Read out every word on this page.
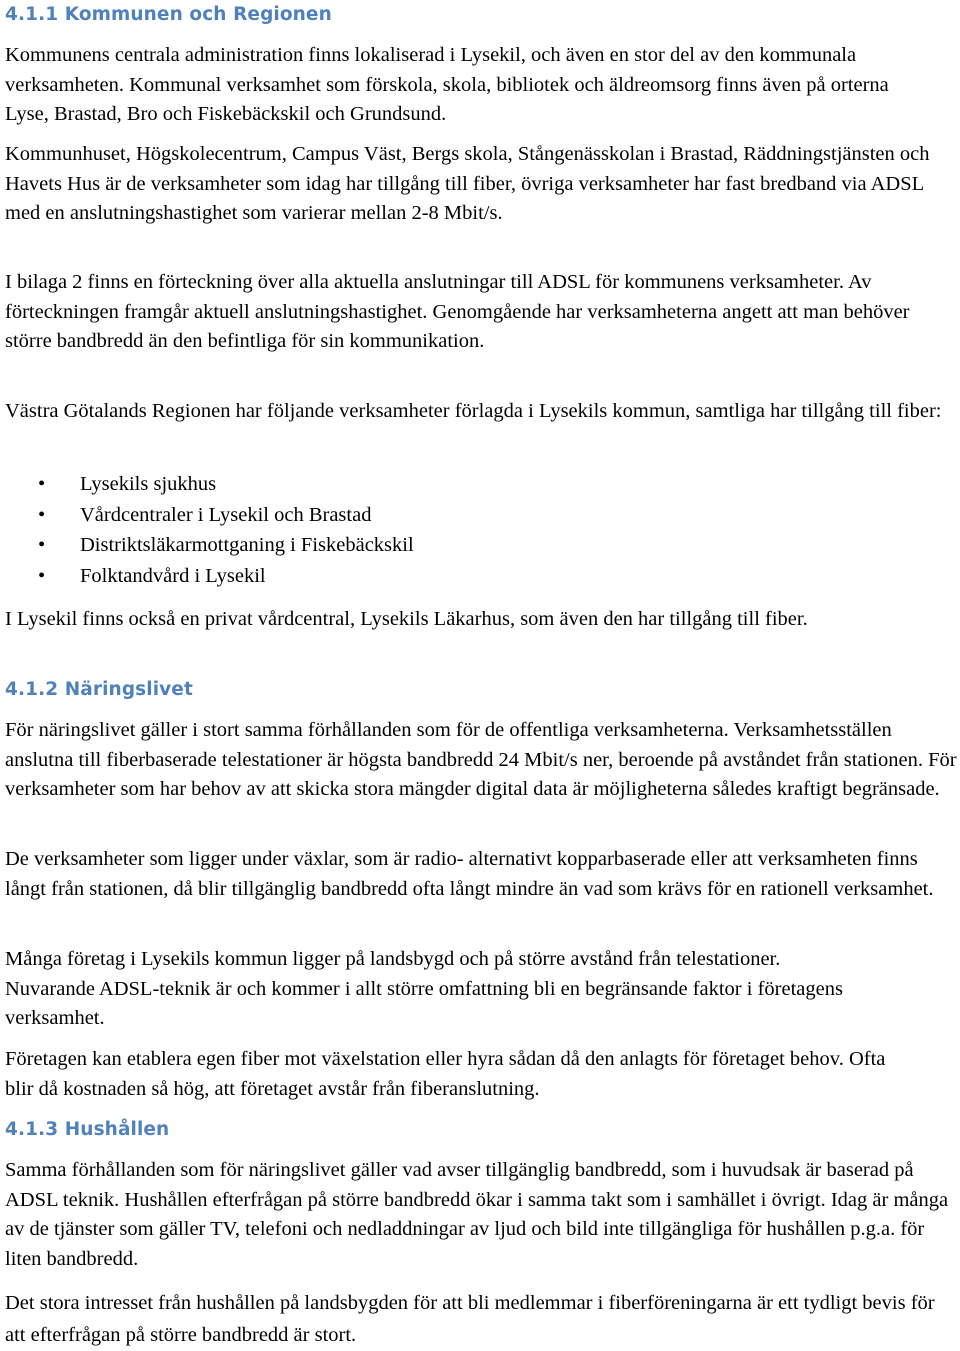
4.1.1 Kommunen och Regionen

Kommunens centrala administration finns lokaliserad i Lysekil, och även en stor del av den kommunala verksamheten. Kommunal verksamhet som förskola, skola, bibliotek och äldreomsorg finns även på orterna Lyse, Brastad, Bro och Fiskebäckskil och Grundsund.

Kommunhuset, Högskolecentrum, Campus Väst, Bergs skola, Stångenässkolan i Brastad, Räddningstjänsten och Havets Hus är de verksamheter som idag har tillgång till fiber, övriga verksamheter har fast bredband via ADSL med en anslutningshastighet som varierar mellan 2-8 Mbit/s.

I bilaga 2 finns en förteckning över alla aktuella anslutningar till ADSL för kommunens verksamheter. Av förteckningen framgår aktuell anslutningshastighet. Genomgående har verksamheterna angett att man behöver större bandbredd än den befintliga för sin kommunikation.

Västra Götalands Regionen har följande verksamheter förlagda i Lysekils kommun, samtliga har tillgång till fiber:

• Lysekils sjukhus
• Vårdcentraler i Lysekil och Brastad
• Distriktsläkarmottganing i Fiskebäckskil
• Folktandvård i Lysekil

I Lysekil finns också en privat vårdcentral, Lysekils Läkarhus, som även den har tillgång till fiber.

4.1.2 Näringslivet

För näringslivet gäller i stort samma förhållanden som för de offentliga verksamheterna. Verksamhetsställen anslutna till fiberbaserade telestationer är högsta bandbredd 24 Mbit/s ner, beroende på avståndet från stationen. För verksamheter som har behov av att skicka stora mängder digital data är möjligheterna således kraftigt begränsade.

De verksamheter som ligger under växlar, som är radio- alternativt kopparbaserade eller att verksamheten finns långt från stationen, då blir tillgänglig bandbredd ofta långt mindre än vad som krävs för en rationell verksamhet.

Många företag i Lysekils kommun ligger på landsbygd och på större avstånd från telestationer. Nuvarande ADSL-teknik är och kommer i allt större omfattning bli en begränsande faktor i företagens verksamhet.

Företagen kan etablera egen fiber mot växelstation eller hyra sådan då den anlagts för företaget behov. Ofta blir då kostnaden så hög, att företaget avstår från fiberanslutning.

4.1.3 Hushållen

Samma förhållanden som för näringslivet gäller vad avser tillgänglig bandbredd, som i huvudsak är baserad på ADSL teknik. Hushållen efterfrågan på större bandbredd ökar i samma takt som i samhället i övrigt. Idag är många av de tjänster som gäller TV, telefoni och nedladdningar av ljud och bild inte tillgängliga för hushållen p.g.a. för liten bandbredd.

Det stora intresset från hushållen på landsbygden för att bli medlemmar i fiberföreningarna är ett tydligt bevis för att efterfrågan på större bandbredd är stort.
